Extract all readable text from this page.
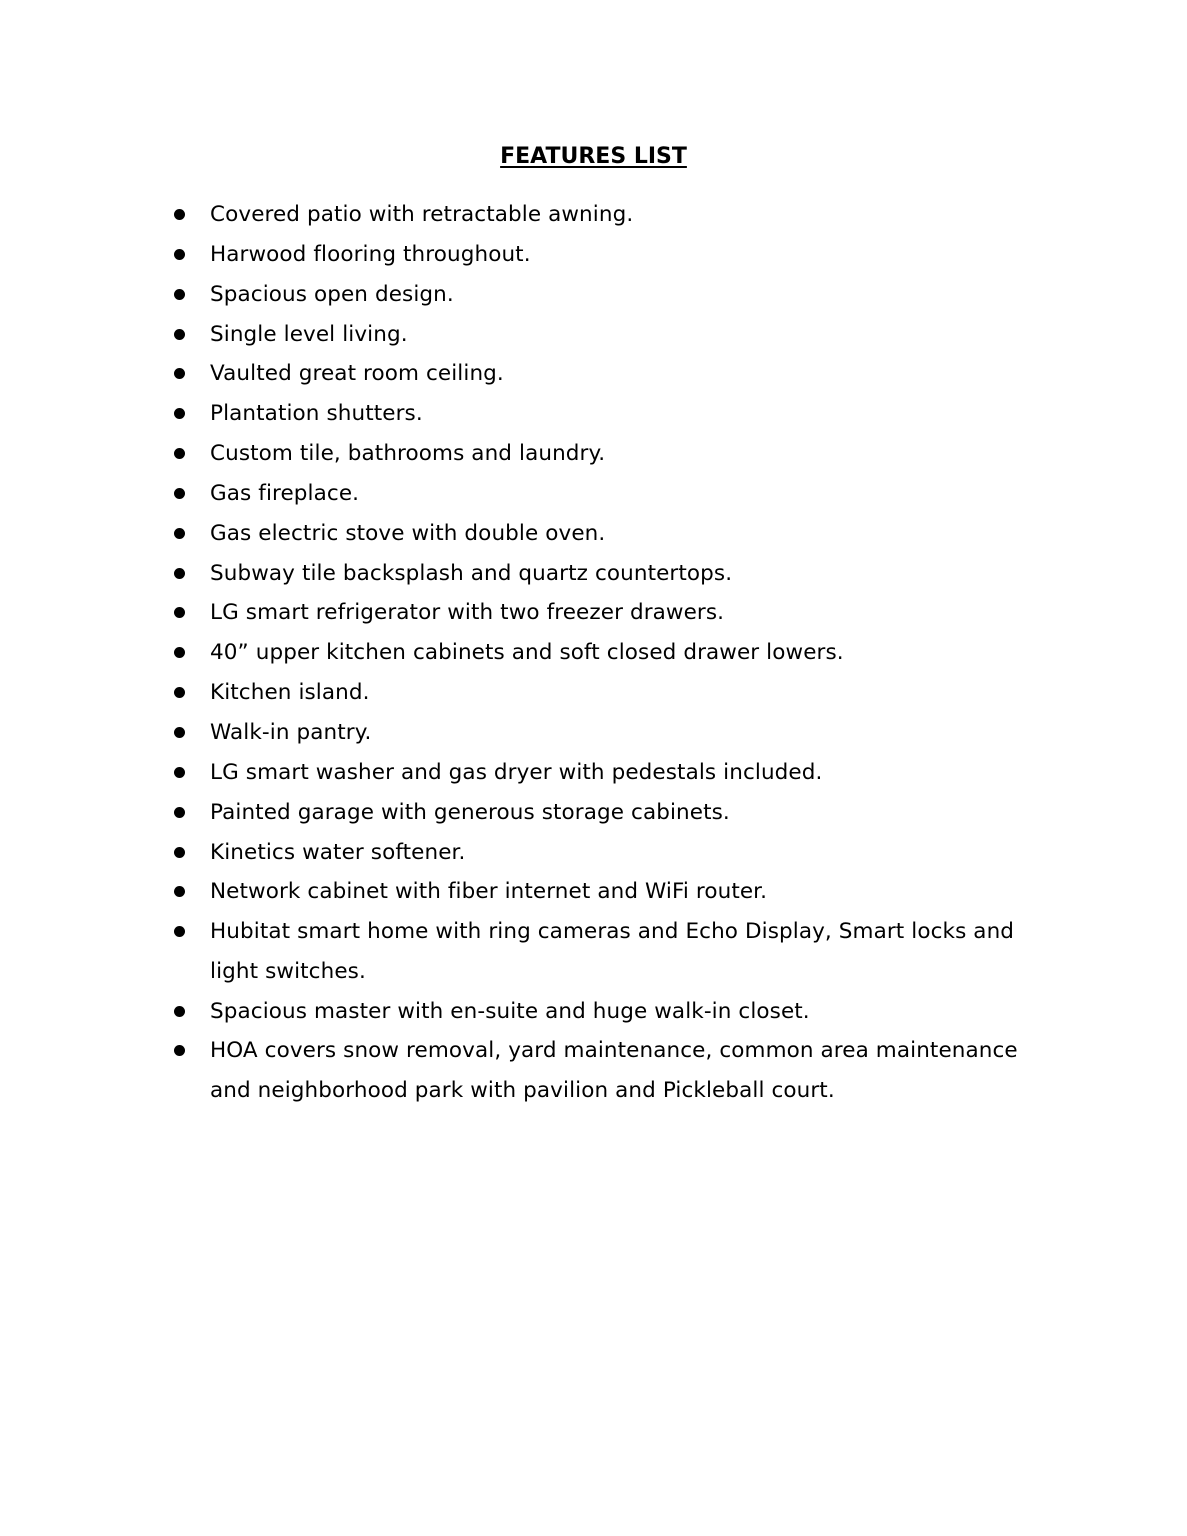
FEATURES LIST
Covered patio with retractable awning.
Harwood flooring throughout.
Spacious open design.
Single level living.
Vaulted great room ceiling.
Plantation shutters.
Custom tile, bathrooms and laundry.
Gas fireplace.
Gas electric stove with double oven.
Subway tile backsplash and quartz countertops.
LG smart refrigerator with two freezer drawers.
40” upper kitchen cabinets and soft closed drawer lowers.
Kitchen island.
Walk-in pantry.
LG smart washer and gas dryer with pedestals included.
Painted garage with generous storage cabinets.
Kinetics water softener.
Network cabinet with fiber internet and WiFi router.
Hubitat smart home with ring cameras and Echo Display, Smart locks and light switches.
Spacious master with en-suite and huge walk-in closet.
HOA covers snow removal, yard maintenance, common area maintenance and neighborhood park with pavilion and Pickleball court.
